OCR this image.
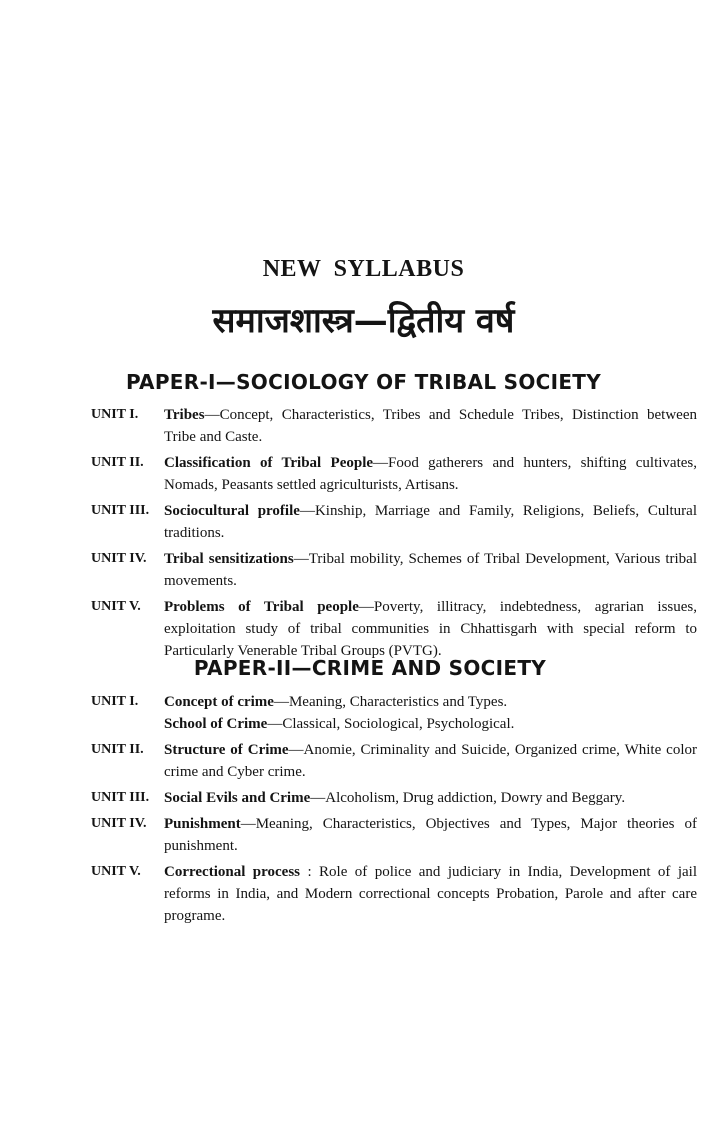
NEW SYLLABUS
समाजशास्त्र—द्वितीय वर्ष
PAPER-I—SOCIOLOGY OF TRIBAL SOCIETY
UNIT I.	Tribes—Concept, Characteristics, Tribes and Schedule Tribes, Distinction between Tribe and Caste.
UNIT II.	Classification of Tribal People—Food gatherers and hunters, shifting cultivates, Nomads, Peasants settled agriculturists, Artisans.
UNIT III. Sociocultural profile—Kinship, Marriage and Family, Religions, Beliefs, Cultural traditions.
UNIT IV.	Tribal sensitizations—Tribal mobility, Schemes of Tribal Development, Various tribal movements.
UNIT V.	Problems of Tribal people—Poverty, illitracy, indebtedness, agrarian issues, exploitation study of tribal communities in Chhattisgarh with special reform to Particularly Venerable Tribal Groups (PVTG).
PAPER-II—CRIME AND SOCIETY
UNIT I.	Concept of crime—Meaning, Characteristics and Types.
School of Crime—Classical, Sociological, Psychological.
UNIT II.	Structure of Crime—Anomie, Criminality and Suicide, Organized crime, White color crime and Cyber crime.
UNIT III. Social Evils and Crime—Alcoholism, Drug addiction, Dowry and Beggary.
UNIT IV.	Punishment—Meaning, Characteristics, Objectives and Types, Major theories of punishment.
UNIT V.	Correctional process : Role of police and judiciary in India, Development of jail reforms in India, and Modern correctional concepts Probation, Parole and after care programe.
